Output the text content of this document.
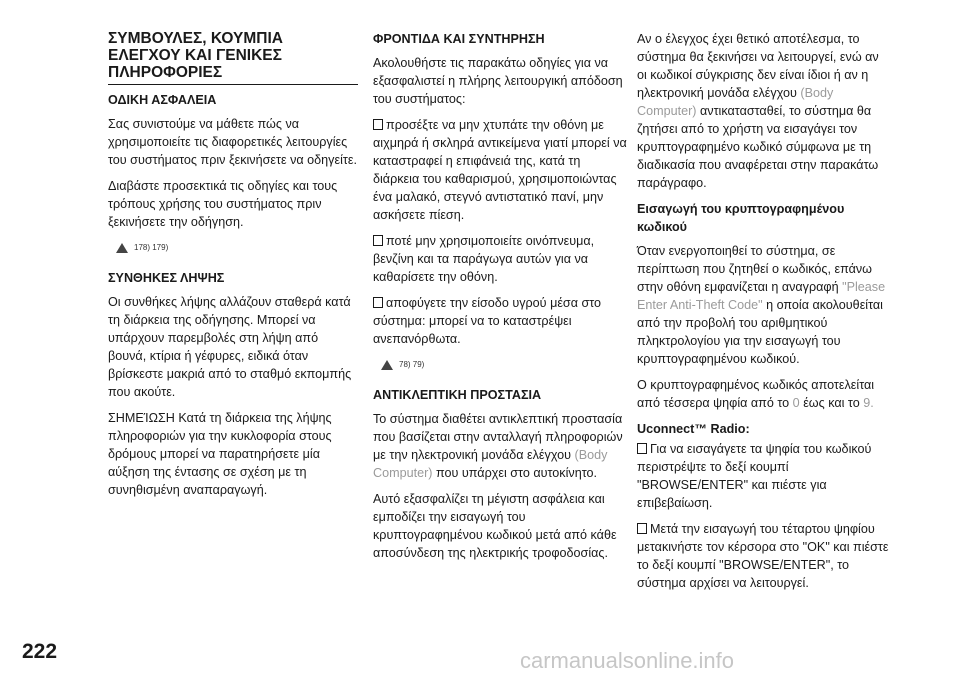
ΣΥΜΒΟΥΛΕΣ, ΚΟΥΜΠΙΑ ΕΛΕΓΧΟΥ ΚΑΙ ΓΕΝΙΚΕΣ ΠΛΗΡΟΦΟΡΙΕΣ
ΟΔΙΚΗ ΑΣΦΑΛΕΙΑ

Σας συνιστούμε να μάθετε πώς να χρησιμοποιείτε τις διαφορετικές λειτουργίες του συστήματος πριν ξεκινήσετε να οδηγείτε.

Διαβάστε προσεκτικά τις οδηγίες και τους τρόπους χρήσης του συστήματος πριν ξεκινήσετε την οδήγηση.

178) 179)
ΣΥΝΘΗΚΕΣ ΛΗΨΗΣ

Οι συνθήκες λήψης αλλάζουν σταθερά κατά τη διάρκεια της οδήγησης. Μπορεί να υπάρχουν παρεμβολές στη λήψη από βουνά, κτίρια ή γέφυρες, ειδικά όταν βρίσκεστε μακριά από το σταθμό εκπομπής που ακούτε.

ΣΗΜΕΊΩΣΗ Κατά τη διάρκεια της λήψης πληροφοριών για την κυκλοφορία στους δρόμους μπορεί να παρατηρήσετε μία αύξηση της έντασης σε σχέση με τη συνηθισμένη αναπαραγωγή.

ΦΡΟΝΤΙΔΑ ΚΑΙ ΣΥΝΤΗΡΗΣΗ

Ακολουθήστε τις παρακάτω οδηγίες για να εξασφαλιστεί η πλήρης λειτουργική απόδοση του συστήματος:

προσέξτε να μην χτυπάτε την οθόνη με αιχμηρά ή σκληρά αντικείμενα γιατί μπορεί να καταστραφεί η επιφάνειά της, κατά τη διάρκεια του καθαρισμού, χρησιμοποιώντας ένα μαλακό, στεγνό αντιστατικό πανί, μην ασκήσετε πίεση.

ποτέ μην χρησιμοποιείτε οινόπνευμα, βενζίνη και τα παράγωγα αυτών για να καθαρίσετε την οθόνη.

αποφύγετε την είσοδο υγρού μέσα στο σύστημα: μπορεί να το καταστρέψει ανεπανόρθωτα.

78) 79)
ΑΝΤΙΚΛΕΠΤΙΚΗ ΠΡΟΣΤΑΣΙΑ

Το σύστημα διαθέτει αντικλεπτική προστασία που βασίζεται στην ανταλλαγή πληροφοριών με την ηλεκτρονική μονάδα ελέγχου (Body Computer) που υπάρχει στο αυτοκίνητο.

Αυτό εξασφαλίζει τη μέγιστη ασφάλεια και εμποδίζει την εισαγωγή του κρυπτογραφημένου κωδικού μετά από κάθε αποσύνδεση της ηλεκτρικής τροφοδοσίας.

Αν ο έλεγχος έχει θετικό αποτέλεσμα, το σύστημα θα ξεκινήσει να λειτουργεί, ενώ αν οι κωδικοί σύγκρισης δεν είναι ίδιοι ή αν η ηλεκτρονική μονάδα ελέγχου (Body Computer) αντικατασταθεί, το σύστημα θα ζητήσει από το χρήστη να εισαγάγει τον κρυπτογραφημένο κωδικό σύμφωνα με τη διαδικασία που αναφέρεται στην παρακάτω παράγραφο.

Εισαγωγή του κρυπτογραφημένου κωδικού

Όταν ενεργοποιηθεί το σύστημα, σε περίπτωση που ζητηθεί ο κωδικός, επάνω στην οθόνη εμφανίζεται η αναγραφή "Please Enter Anti-Theft Code" η οποία ακολουθείται από την προβολή του αριθμητικού πληκτρολογίου για την εισαγωγή του κρυπτογραφημένου κωδικού.

Ο κρυπτογραφημένος κωδικός αποτελείται από τέσσερα ψηφία από το 0 έως και το 9.

Uconnect™ Radio:

Για να εισαγάγετε τα ψηφία του κωδικού περιστρέψτε το δεξί κουμπί "BROWSE/ENTER" και πιέστε για επιβεβαίωση.

Μετά την εισαγωγή του τέταρτου ψηφίου μετακινήστε τον κέρσορα στο "OK" και πιέστε το δεξί κουμπί "BROWSE/ENTER", το σύστημα αρχίσει να λειτουργεί.

222	carmanualsonline.info
